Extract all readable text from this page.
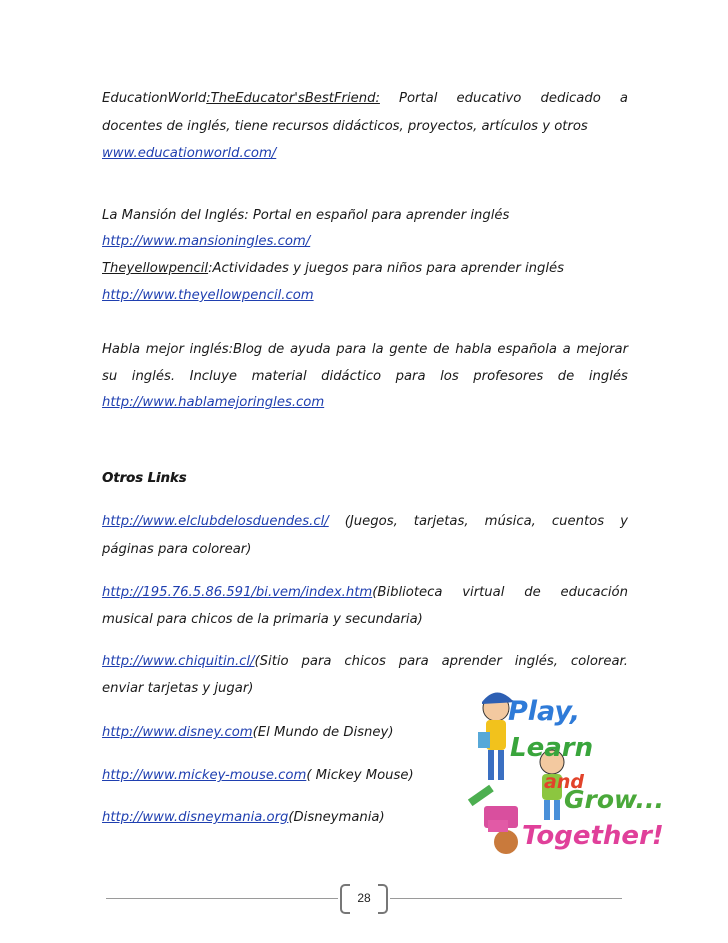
EducationWorld:TheEducator'sBestFriend: Portal educativo dedicado a
docentes de inglés, tiene recursos didácticos, proyectos, artículos y otros
www.educationworld.com/
La Mansión del Inglés: Portal en español para aprender inglés
http://www.mansioningles.com/
Theyellowpencil:Actividades y juegos para niños para aprender inglés
http://www.theyellowpencil.com
Habla mejor inglés:Blog de ayuda para la gente de habla española a mejorar
su inglés. Incluye material didáctico para los profesores de inglés
http://www.hablamejoringles.com
Otros Links
http://www.elclubdelosduendes.cl/ (Juegos, tarjetas, música, cuentos y
páginas para colorear)
http://195.76.5.86.591/bi.vem/index.htm(Biblioteca virtual de educación
musical para chicos de la primaria y secundaria)
http://www.chiquitin.cl/(Sitio para chicos para aprender inglés, colorear.
enviar tarjetas y jugar)
http://www.disney.com(El Mundo de Disney)
http://www.mickey-mouse.com( Mickey Mouse)
http://www.disneymania.org(Disneymania)
Play,
Learn
and
Grow...
Together!
28
